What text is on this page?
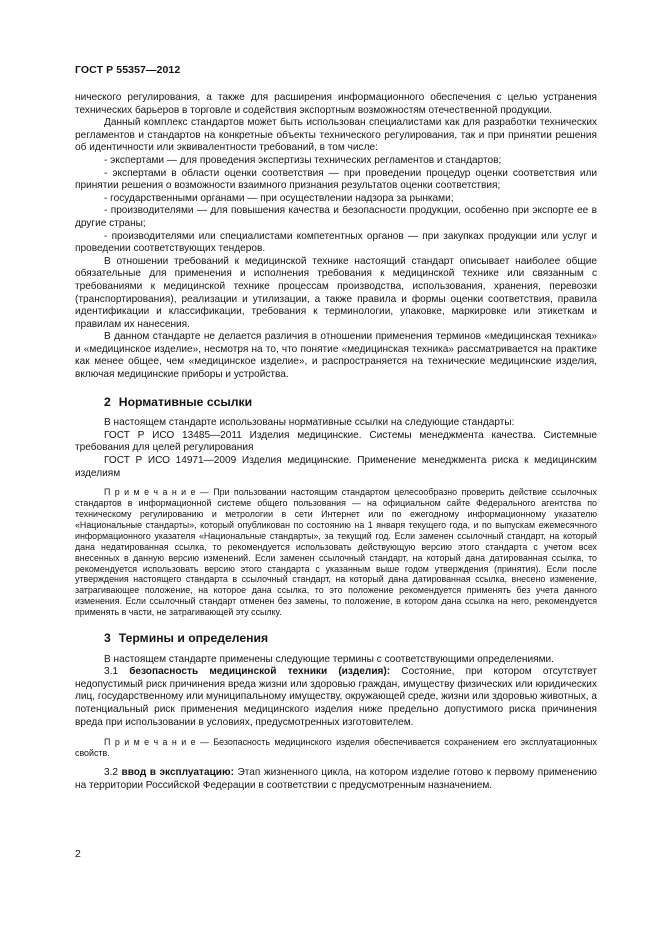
ГОСТ Р 55357—2012

нического регулирования, а также для расширения информационного обеспечения с целью устранения технических барьеров в торговле и содействия экспортным возможностям отечественной продукции.

Данный комплекс стандартов может быть использован специалистами как для разработки технических регламентов и стандартов на конкретные объекты технического регулирования, так и при принятии решения об идентичности или эквивалентности требований, в том числе:

- экспертами — для проведения экспертизы технических регламентов и стандартов;

- экспертами в области оценки соответствия — при проведении процедур оценки соответствия или принятии решения о возможности взаимного признания результатов оценки соответствия;

- государственными органами — при осуществлении надзора за рынками;

- производителями — для повышения качества и безопасности продукции, особенно при экспорте ее в другие страны;

- производителями или специалистами компетентных органов — при закупках продукции или услуг и проведении соответствующих тендеров.

В отношении требований к медицинской технике настоящий стандарт описывает наиболее общие обязательные для применения и исполнения требования к медицинской технике или связанным с требованиями к медицинской технике процессам производства, использования, хранения, перевозки (транспортирования), реализации и утилизации, а также правила и формы оценки соответствия, правила идентификации и классификации, требования к терминологии, упаковке, маркировке или этикеткам и правилам их нанесения.

В данном стандарте не делается различия в отношении применения терминов «медицинская техника» и «медицинское изделие», несмотря на то, что понятие «медицинская техника» рассматривается на практике как менее общее, чем «медицинское изделие», и распространяется на технические медицинские изделия, включая медицинские приборы и устройства.

2 Нормативные ссылки

В настоящем стандарте использованы нормативные ссылки на следующие стандарты:

ГОСТ Р ИСО 13485—2011 Изделия медицинские. Системы менеджмента качества. Системные требования для целей регулирования

ГОСТ Р ИСО 14971—2009 Изделия медицинские. Применение менеджмента риска к медицинским изделиям

П р и м е ч а н и е — При пользовании настоящим стандартом целесообразно проверить действие ссылочных стандартов в информационной системе общего пользования — на официальном сайте Федерального агентства по техническому регулированию и метрологии в сети Интернет или по ежегодному информационному указателю «Национальные стандарты», который опубликован по состоянию на 1 января текущего года, и по выпускам ежемесячного информационного указателя «Национальные стандарты», за текущий год. Если заменен ссылочный стандарт, на который дана недатированная ссылка, то рекомендуется использовать действующую версию этого стандарта с учетом всех внесенных в данную версию изменений. Если заменен ссылочный стандарт, на который дана датированная ссылка, то рекомендуется использовать версию этого стандарта с указанным выше годом утверждения (принятия). Если после утверждения настоящего стандарта в ссылочный стандарт, на который дана датированная ссылка, внесено изменение, затрагивающее положение, на которое дана ссылка, то это положение рекомендуется применять без учета данного изменения. Если ссылочный стандарт отменен без замены, то положение, в котором дана ссылка на него, рекомендуется применять в части, не затрагивающей эту ссылку.

3 Термины и определения

В настоящем стандарте применены следующие термины с соответствующими определениями.

3.1 безопасность медицинской техники (изделия): Состояние, при котором отсутствует недопустимый риск причинения вреда жизни или здоровью граждан, имуществу физических или юридических лиц, государственному или муниципальному имуществу, окружающей среде, жизни или здоровью животных, а потенциальный риск применения медицинского изделия ниже предельно допустимого риска причинения вреда при использовании в условиях, предусмотренных изготовителем.

П р и м е ч а н и е — Безопасность медицинского изделия обеспечивается сохранением его эксплуатационных свойств.

3.2 ввод в эксплуатацию: Этап жизненного цикла, на котором изделие готово к первому применению на территории Российской Федерации в соответствии с предусмотренным назначением.

2
